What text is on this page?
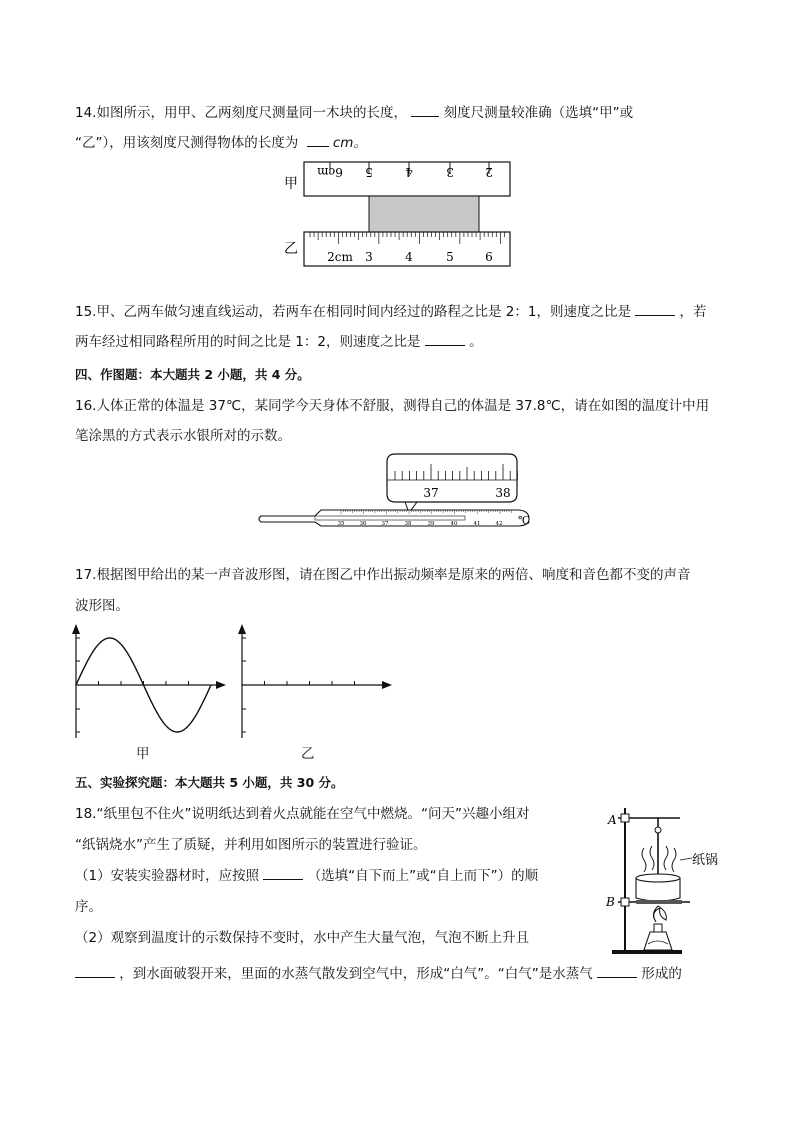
14.如图所示，用甲、乙两刻度尺测量同一木块的长度，	刻度尺测量较准确（选填“甲”或
“乙”），用该刻度尺测得物体的长度为	cm。
甲
乙
6cm 5	4	3	2
2cm 3	4	5	6
15.甲、乙两车做匀速直线运动，若两车在相同时间内经过的路程之比是 2：1，则速度之比是	，若
两车经过相同路程所用的时间之比是 1：2，则速度之比是	。
四、作图题：本大题共 2 小题，共 4 分。
16.人体正常的体温是 37℃，某同学今天身体不舒服，测得自己的体温是 37.8℃，请在如图的温度计中用
笔涂黑的方式表示水银所对的示数。
37	38
35	36	37	38	39	40	41	42 ℃
17.根据图甲给出的某一声音波形图，请在图乙中作出振动频率是原来的两倍、响度和音色都不变的声音
波形图。
甲	乙
五、实验探究题：本大题共 5 小题，共 30 分。
18.“纸里包不住火”说明纸达到着火点就能在空气中燃烧。“问天”兴趣小组对
“纸锅烧水”产生了质疑，并利用如图所示的装置进行验证。
（1）安装实验器材时，应按照	（选填“自下而上”或“自上而下”）的顺
序。
（2）观察到温度计的示数保持不变时，水中产生大量气泡，气泡不断上升且
，到水面破裂开来，里面的水蒸气散发到空气中，形成“白气”。“白气”是水蒸气	形成的
A
B
纸锅
